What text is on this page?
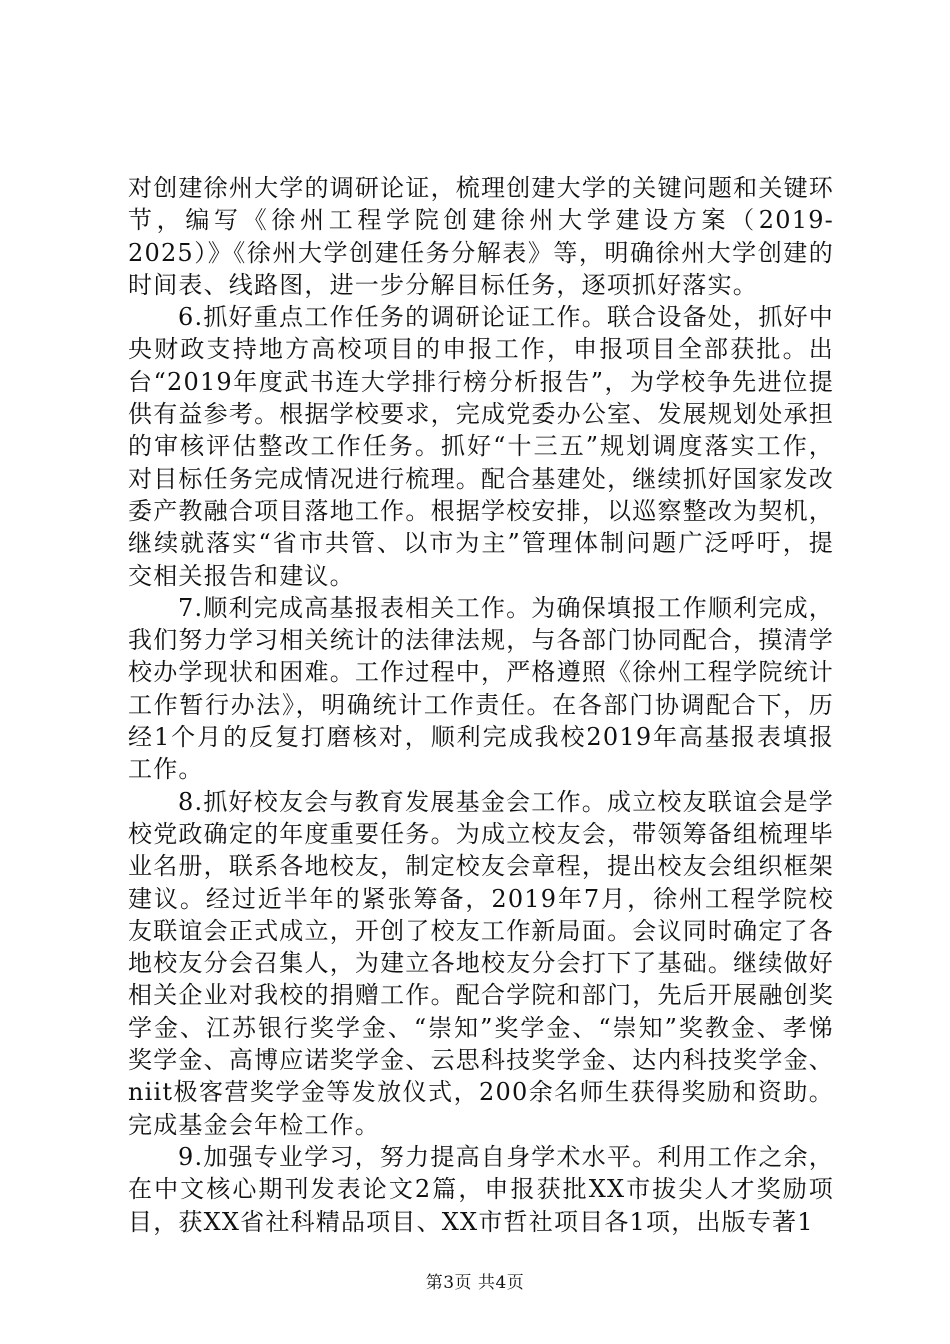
对创建徐州大学的调研论证，梳理创建大学的关键问题和关键环节，编写《徐州工程学院创建徐州大学建设方案（2019-2025）》《徐州大学创建任务分解表》等，明确徐州大学创建的时间表、线路图，进一步分解目标任务，逐项抓好落实。

6.抓好重点工作任务的调研论证工作。联合设备处，抓好中央财政支持地方高校项目的申报工作，申报项目全部获批。出台“2019年度武书连大学排行榜分析报告”，为学校争先进位提供有益参考。根据学校要求，完成党委办公室、发展规划处承担的审核评估整改工作任务。抓好“十三五”规划调度落实工作，对目标任务完成情况进行梳理。配合基建处，继续抓好国家发改委产教融合项目落地工作。根据学校安排，以巡察整改为契机，继续就落实“省市共管、以市为主”管理体制问题广泛呼吁，提交相关报告和建议。

7.顺利完成高基报表相关工作。为确保填报工作顺利完成，我们努力学习相关统计的法律法规，与各部门协同配合，摸清学校办学现状和困难。工作过程中，严格遵照《徐州工程学院统计工作暂行办法》，明确统计工作责任。在各部门协调配合下，历经1个月的反复打磨核对，顺利完成我校2019年高基报表填报工作。

8.抓好校友会与教育发展基金会工作。成立校友联谊会是学校党政确定的年度重要任务。为成立校友会，带领筹备组梳理毕业名册，联系各地校友，制定校友会章程，提出校友会组织框架建议。经过近半年的紧张筹备，2019年7月，徐州工程学院校友联谊会正式成立，开创了校友工作新局面。会议同时确定了各地校友分会召集人，为建立各地校友分会打下了基础。继续做好相关企业对我校的捐赠工作。配合学院和部门，先后开展融创奖学金、江苏银行奖学金、“崇知”奖学金、“崇知”奖教金、孝悌奖学金、高博应诺奖学金、云思科技奖学金、达内科技奖学金、niit极客营奖学金等发放仪式，200余名师生获得奖励和资助。完成基金会年检工作。

9.加强专业学习，努力提高自身学术水平。利用工作之余，在中文核心期刊发表论文2篇，申报获批XX市拔尖人才奖励项目，获XX省社科精品项目、XX市哲社项目各1项，出版专著1

第3页 共4页
